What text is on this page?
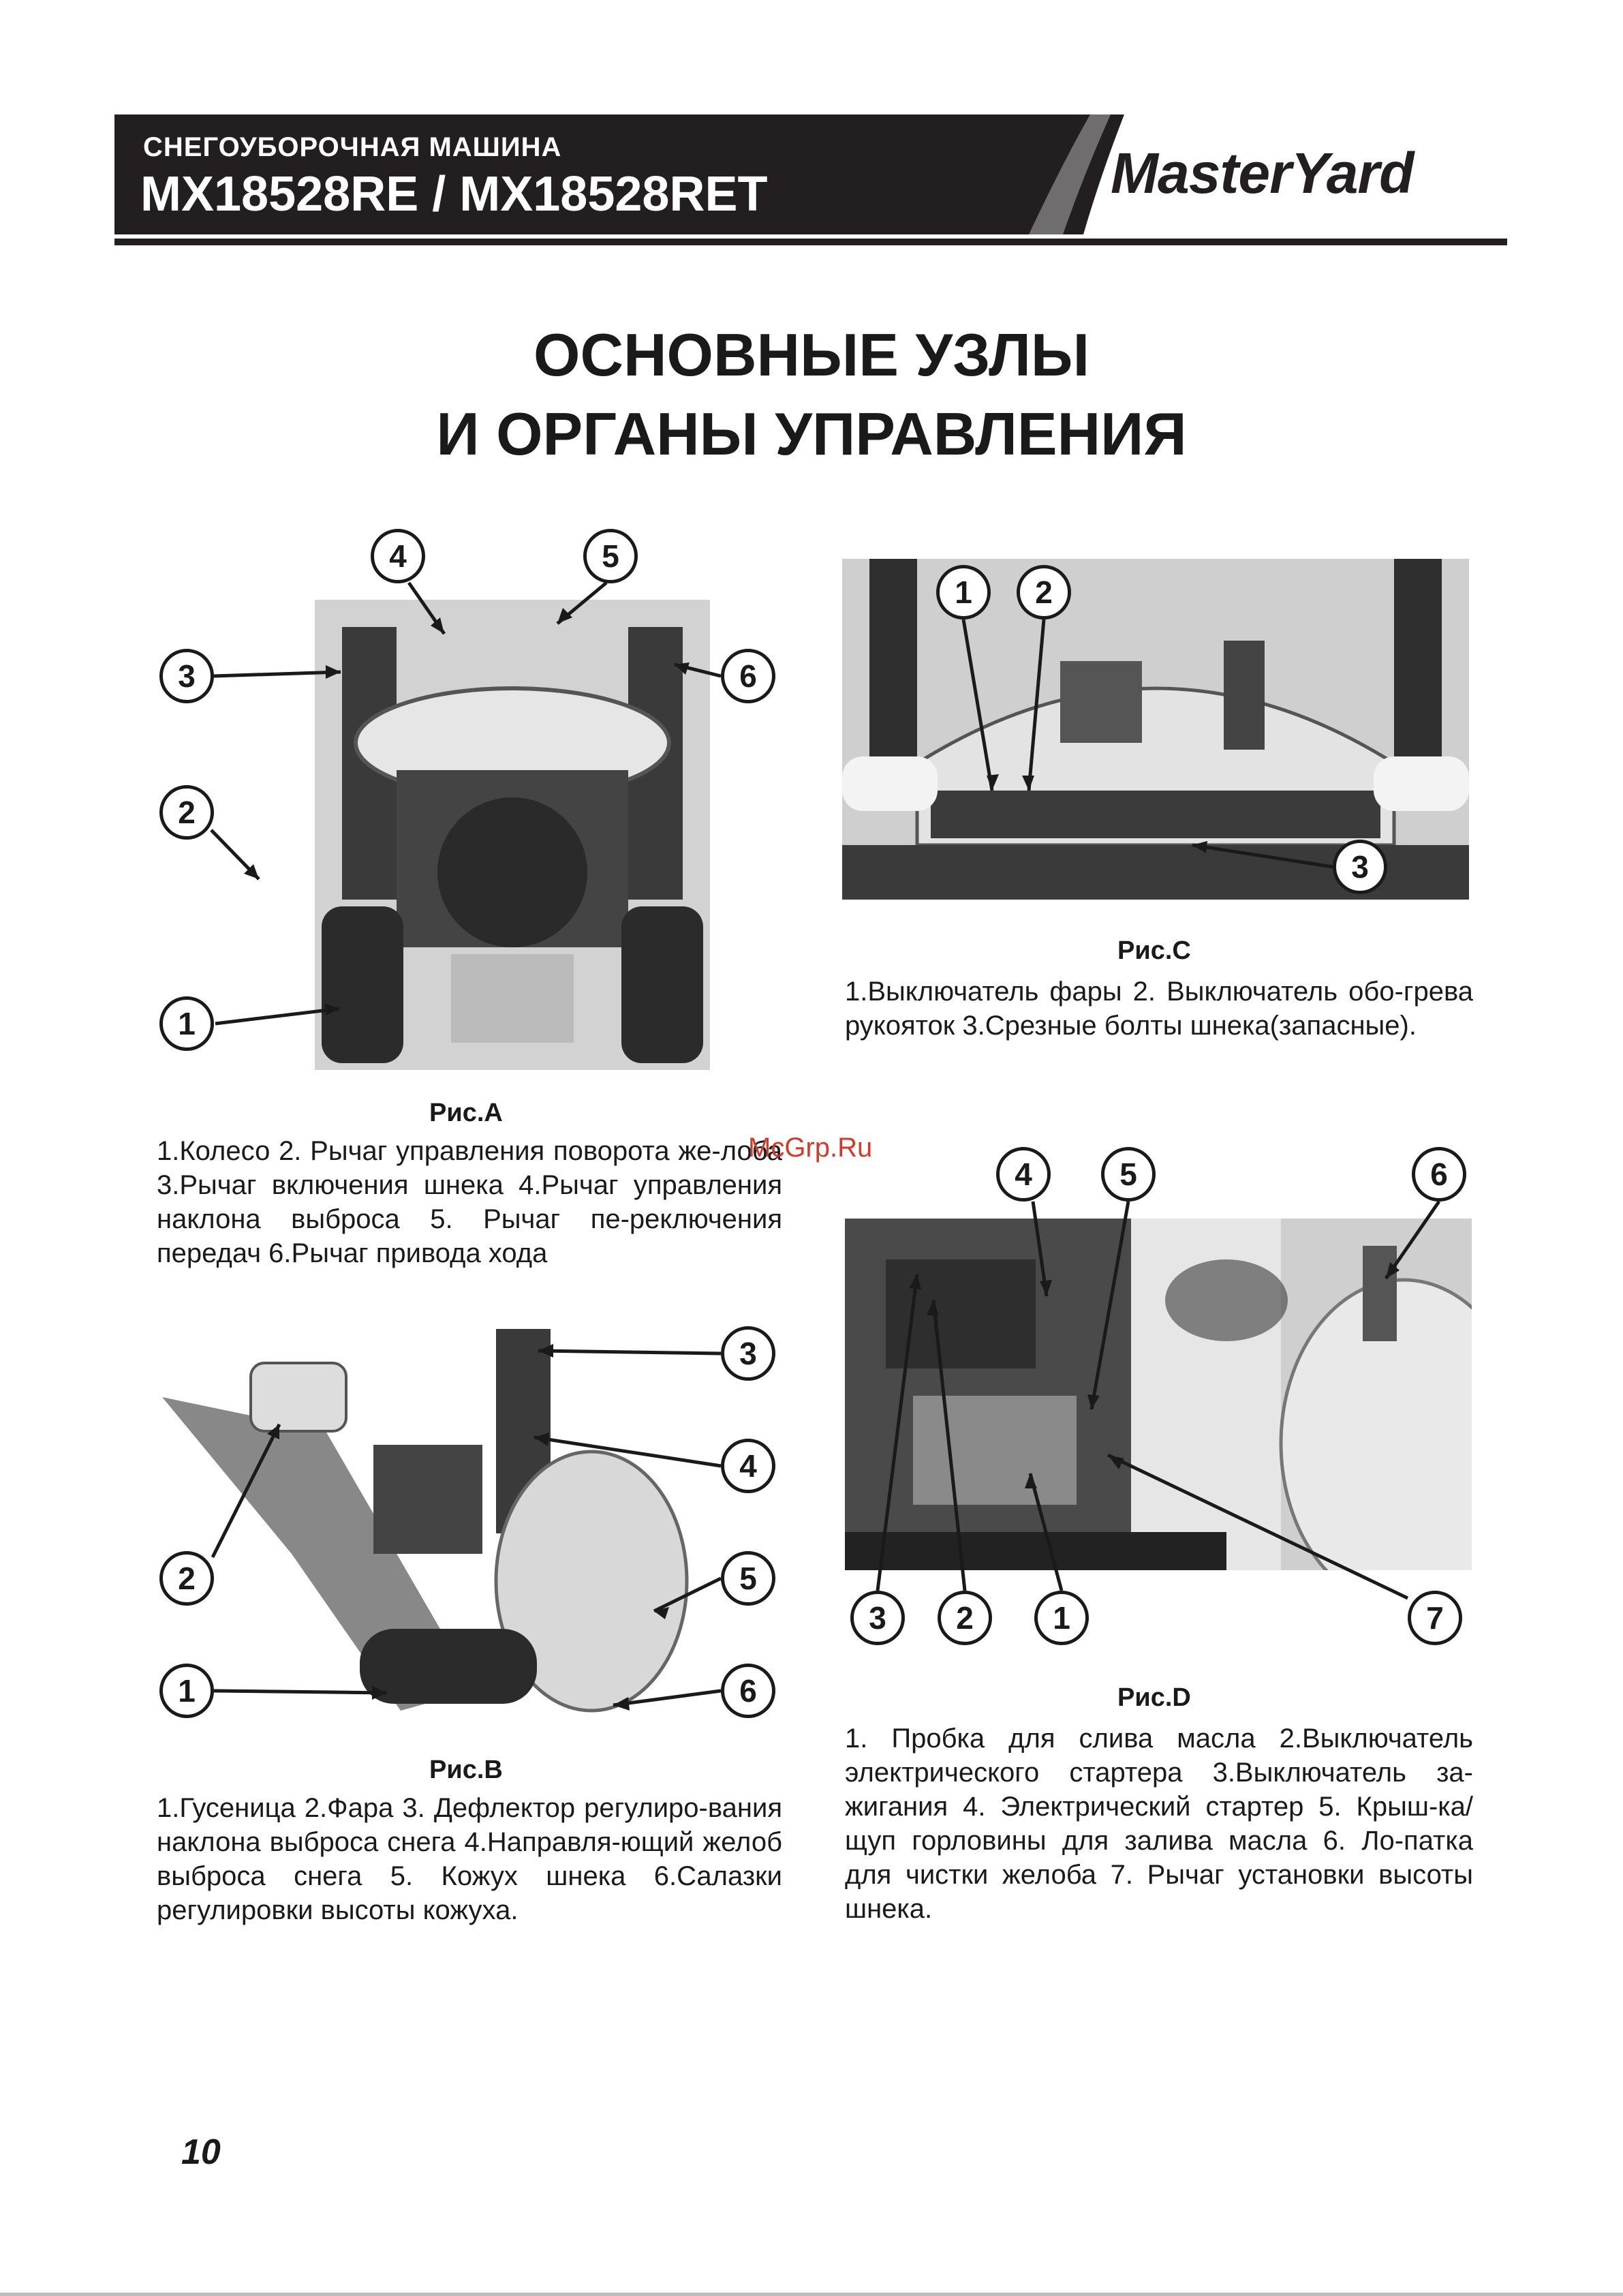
СНЕГОУБОРОЧНАЯ МАШИНА
MX18528RE / MX18528RET	MasterYard
ОСНОВНЫЕ УЗЛЫ
И ОРГАНЫ УПРАВЛЕНИЯ
3	6
2
1
4	5
Рис.А
1.Колесо 2. Рычаг управления поворота же-лоба 3.Рычаг включения шнека 4.Рычаг управления наклона выброса 5. Рычаг пе-реключения передач 6.Рычаг привода хода
3
4
2	5
1	6
Рис.В
1.Гусеница 2.Фара 3. Дефлектор регулиро-вания наклона выброса снега 4.Направля-ющий желоб выброса снега 5. Кожух шнека 6.Салазки регулировки высоты кожуха.
1	2
3
Рис.С
1.Выключатель фары 2. Выключатель обо-грева рукояток 3.Срезные болты шнека(запасные).
4	5	6
3	2	1	7
Рис.D
1. Пробка для слива масла 2.Выключатель электрического стартера 3.Выключатель за-жигания 4. Электрический стартер 5. Крыш-ка/щуп горловины для залива масла 6. Ло-патка для чистки желоба 7. Рычаг установки высоты шнека.
McGrp.Ru
10
